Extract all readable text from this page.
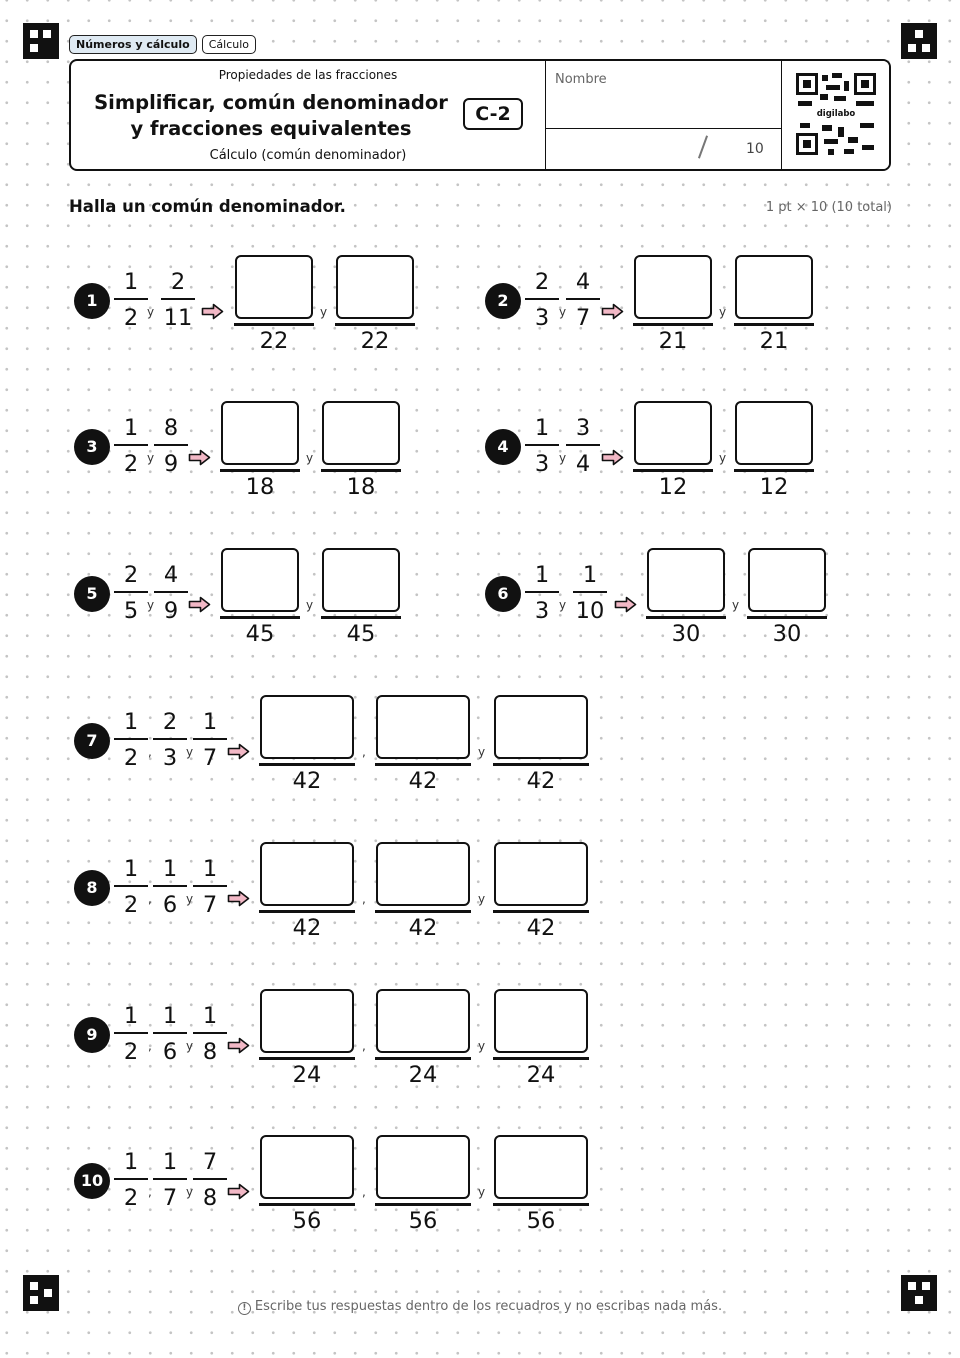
Números y cálculo	Cálculo
Propiedades de las fracciones
Simplificar, común denominador y fracciones equivalentes
C-2
Cálculo (común denominador)
Nombre
10
digilabo
Halla un común denominador.	1 pt × 10 (10 total)
1
1
2 y
2
11
22
y
22
2
2
3 y
4
7
21
y
21
3
1
2 y
8
9
18
y
18
4
1
3 y
3
4
12
y
12
5
2
5 y
4
9
45
y
45
6
1
3 y
1
10
30
y
30
7
1
2 ,
2
3 y
1
7
42
,
42
y
42
8
1
2 ,
1
6 y
1
7
42
,
42
y
42
9
1
2 ,
1
6 y
1
8
24
,
24
y
24
10
1
2 ,
1
7 y
7
8
56
,
56
y
56
! Escribe tus respuestas dentro de los recuadros y no escribas nada más.
